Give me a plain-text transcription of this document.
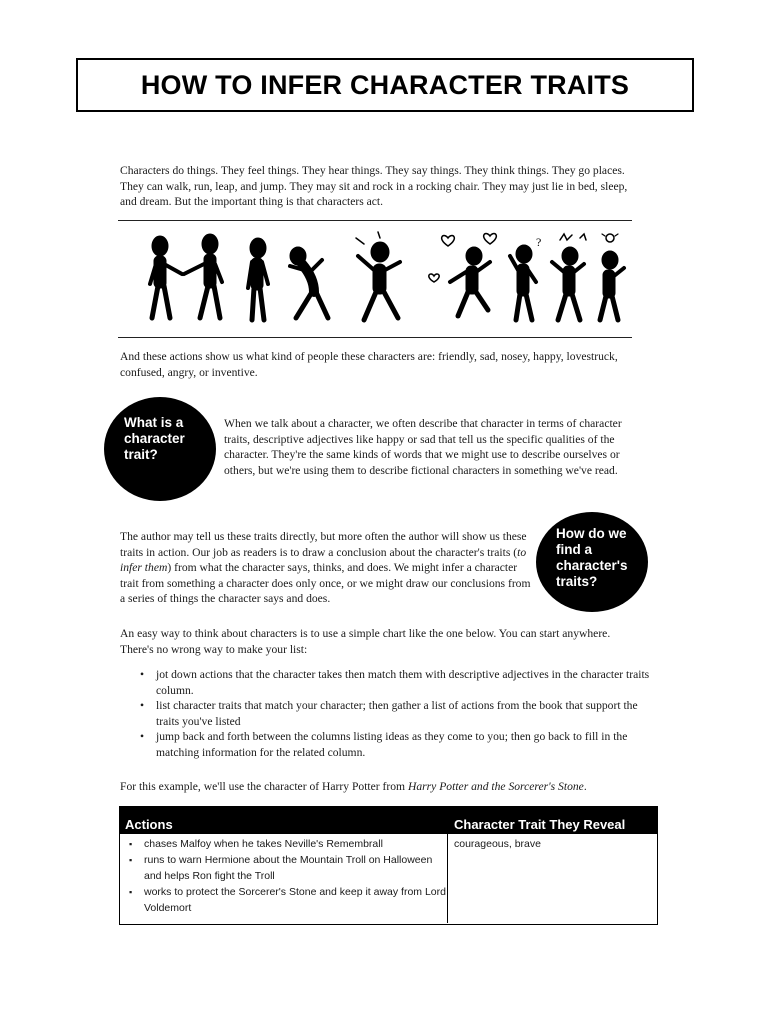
HOW TO INFER CHARACTER TRAITS

Characters do things. They feel things. They hear things. They say things. They think things. They go places. They can walk, run, leap, and jump. They may sit and rock in a rocking chair. They may just lie in bed, sleep, and dream. But the important thing is that characters act.

?

And these actions show us what kind of people these characters are: friendly, sad, nosey, happy, lovestruck, confused, angry, or inventive.

What is a character trait?

When we talk about a character, we often describe that character in terms of character traits, descriptive adjectives like happy or sad that tell us the specific qualities of the character. They're the same kinds of words that we might use to describe ourselves or others, but we're using them to describe fictional characters in something we've read.

The author may tell us these traits directly, but more often the author will show us these traits in action. Our job as readers is to draw a conclusion about the character's traits (to infer them) from what the character says, thinks, and does. We might infer a character trait from something a character does only once, or we might draw our conclusions from a series of things the character says and does.

How do we find a character's traits?

An easy way to think about characters is to use a simple chart like the one below. You can start anywhere. There's no wrong way to make your list:

• jot down actions that the character takes then match them with descriptive adjectives in the character traits column.
• list character traits that match your character; then gather a list of actions from the book that support the traits you've listed
• jump back and forth between the columns listing ideas as they come to you; then go back to fill in the matching information for the related column.

For this example, we'll use the character of Harry Potter from Harry Potter and the Sorcerer's Stone.

Actions	Character Trait They Reveal
▪ chases Malfoy when he takes Neville's Remembrall
▪ runs to warn Hermione about the Mountain Troll on Halloween and helps Ron fight the Troll
▪ works to protect the Sorcerer's Stone and keep it away from Lord Voldemort
courageous, brave
